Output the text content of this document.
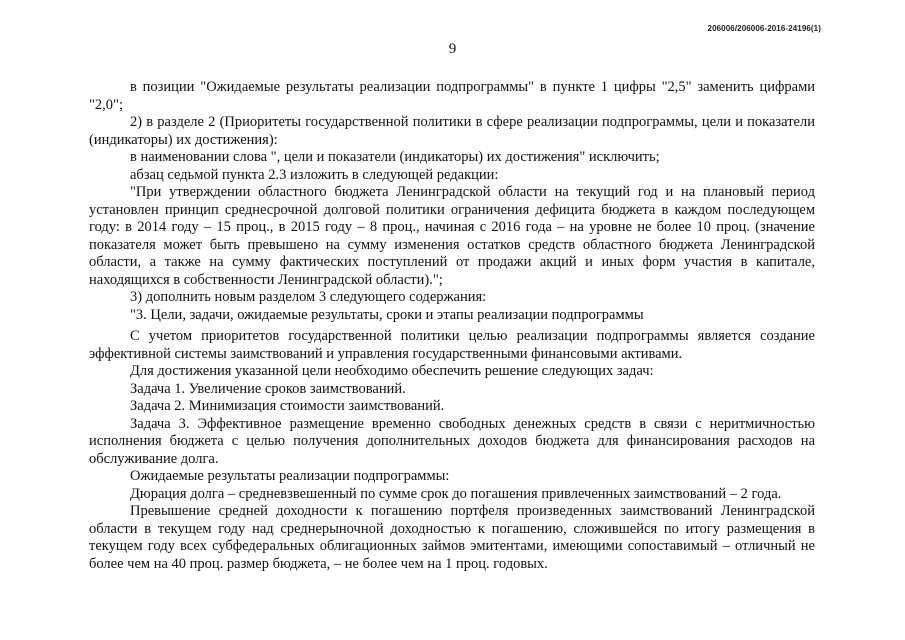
206006/206006-2016-24196(1)
9

в позиции "Ожидаемые результаты реализации подпрограммы" в пункте 1 цифры "2,5" заменить цифрами "2,0";

2) в разделе 2 (Приоритеты государственной политики в сфере реализации подпрограммы, цели и показатели (индикаторы) их достижения):

в наименовании слова ", цели и показатели (индикаторы) их достижения" исключить;

абзац седьмой пункта 2.3 изложить в следующей редакции:

"При утверждении областного бюджета Ленинградской области на текущий год и на плановый период установлен принцип среднесрочной долговой политики ограничения дефицита бюджета в каждом последующем году: в 2014 году – 15 проц., в 2015 году – 8 проц., начиная с 2016 года – на уровне не более 10 проц. (значение показателя может быть превышено на сумму изменения остатков средств областного бюджета Ленинградской области, а также на сумму фактических поступлений от продажи акций и иных форм участия в капитале, находящихся в собственности Ленинградской области).";

3) дополнить новым разделом 3 следующего содержания:

"3. Цели, задачи, ожидаемые результаты, сроки и этапы реализации подпрограммы

С учетом приоритетов государственной политики целью реализации подпрограммы является создание эффективной системы заимствований и управления государственными финансовыми активами.

Для достижения указанной цели необходимо обеспечить решение следующих задач:

Задача 1. Увеличение сроков заимствований.

Задача 2. Минимизация стоимости заимствований.

Задача 3. Эффективное размещение временно свободных денежных средств в связи с неритмичностью исполнения бюджета с целью получения дополнительных доходов бюджета для финансирования расходов на обслуживание долга.

Ожидаемые результаты реализации подпрограммы:

Дюрация долга – средневзвешенный по сумме срок до погашения привлеченных заимствований – 2 года.

Превышение средней доходности к погашению портфеля произведенных заимствований Ленинградской области в текущем году над среднерыночной доходностью к погашению, сложившейся по итогу размещения в текущем году всех субфедеральных облигационных займов эмитентами, имеющими сопоставимый – отличный не более чем на 40 проц. размер бюджета, – не более чем на 1 проц. годовых.
